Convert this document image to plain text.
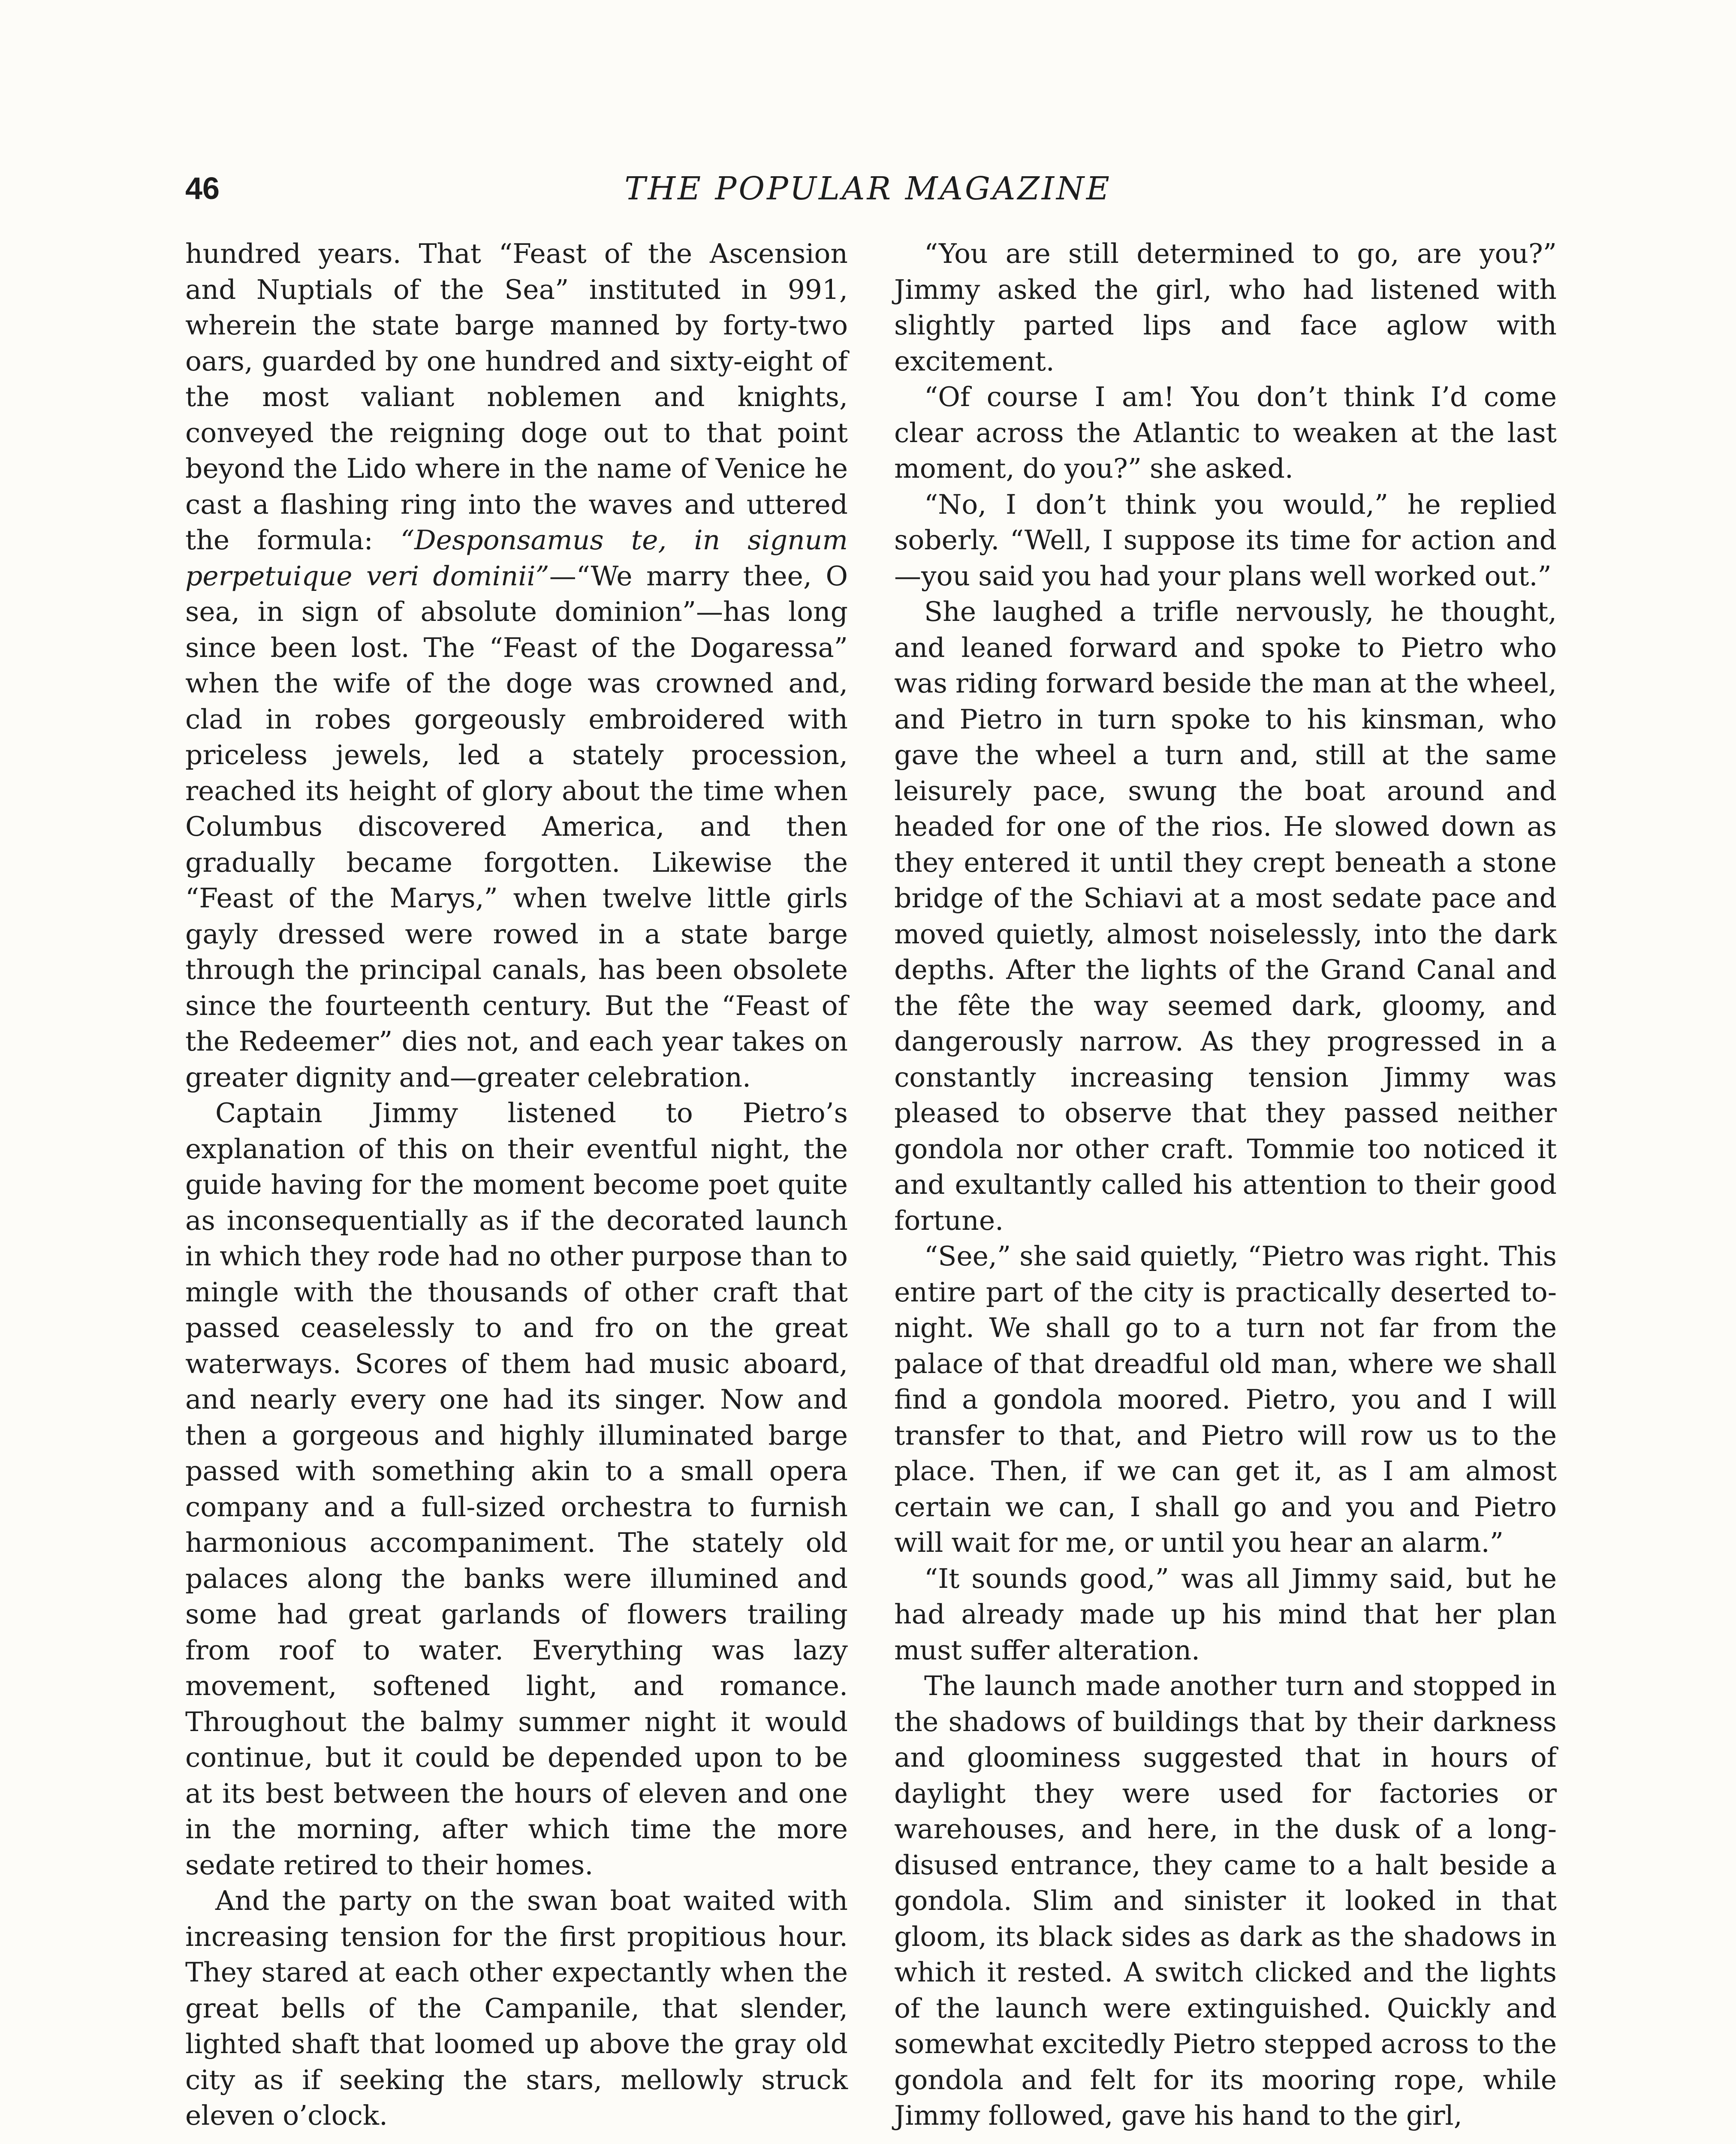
46	THE POPULAR MAGAZINE

hundred years. That “Feast of the Ascension and Nuptials of the Sea” instituted in 991, wherein the state barge manned by forty-two oars, guarded by one hundred and sixty-eight of the most valiant noblemen and knights, conveyed the reigning doge out to that point beyond the Lido where in the name of Venice he cast a flashing ring into the waves and uttered the formula: “Desponsamus te, in signum perpetuique veri dominii”—“We marry thee, O sea, in sign of absolute dominion”—has long since been lost. The “Feast of the Dogaressa” when the wife of the doge was crowned and, clad in robes gorgeously embroidered with priceless jewels, led a stately procession, reached its height of glory about the time when Columbus discovered America, and then gradually became forgotten. Likewise the “Feast of the Marys,” when twelve little girls gayly dressed were rowed in a state barge through the principal canals, has been obsolete since the fourteenth century. But the “Feast of the Redeemer” dies not, and each year takes on greater dignity and—greater celebration.

Captain Jimmy listened to Pietro’s explanation of this on their eventful night, the guide having for the moment become poet quite as inconsequentially as if the decorated launch in which they rode had no other purpose than to mingle with the thousands of other craft that passed ceaselessly to and fro on the great waterways. Scores of them had music aboard, and nearly every one had its singer. Now and then a gorgeous and highly illuminated barge passed with something akin to a small opera company and a full-sized orchestra to furnish harmonious accompaniment. The stately old palaces along the banks were illumined and some had great garlands of flowers trailing from roof to water. Everything was lazy movement, softened light, and romance. Throughout the balmy summer night it would continue, but it could be depended upon to be at its best between the hours of eleven and one in the morning, after which time the more sedate retired to their homes.

And the party on the swan boat waited with increasing tension for the first propitious hour. They stared at each other expectantly when the great bells of the Campanile, that slender, lighted shaft that loomed up above the gray old city as if seeking the stars, mellowly struck eleven o’clock.

“You are still determined to go, are you?” Jimmy asked the girl, who had listened with slightly parted lips and face aglow with excitement.

“Of course I am! You don’t think I’d come clear across the Atlantic to weaken at the last moment, do you?” she asked.

“No, I don’t think you would,” he replied soberly. “Well, I suppose its time for action and—you said you had your plans well worked out.”

She laughed a trifle nervously, he thought, and leaned forward and spoke to Pietro who was riding forward beside the man at the wheel, and Pietro in turn spoke to his kinsman, who gave the wheel a turn and, still at the same leisurely pace, swung the boat around and headed for one of the rios. He slowed down as they entered it until they crept beneath a stone bridge of the Schiavi at a most sedate pace and moved quietly, almost noiselessly, into the dark depths. After the lights of the Grand Canal and the fête the way seemed dark, gloomy, and dangerously narrow. As they progressed in a constantly increasing tension Jimmy was pleased to observe that they passed neither gondola nor other craft. Tommie too noticed it and exultantly called his attention to their good fortune.

“See,” she said quietly, “Pietro was right. This entire part of the city is practically deserted to-night. We shall go to a turn not far from the palace of that dreadful old man, where we shall find a gondola moored. Pietro, you and I will transfer to that, and Pietro will row us to the place. Then, if we can get it, as I am almost certain we can, I shall go and you and Pietro will wait for me, or until you hear an alarm.”

“It sounds good,” was all Jimmy said, but he had already made up his mind that her plan must suffer alteration.

The launch made another turn and stopped in the shadows of buildings that by their darkness and gloominess suggested that in hours of daylight they were used for factories or warehouses, and here, in the dusk of a long-disused entrance, they came to a halt beside a gondola. Slim and sinister it looked in that gloom, its black sides as dark as the shadows in which it rested. A switch clicked and the lights of the launch were extinguished. Quickly and somewhat excitedly Pietro stepped across to the gondola and felt for its mooring rope, while Jimmy followed, gave his hand to the girl,
